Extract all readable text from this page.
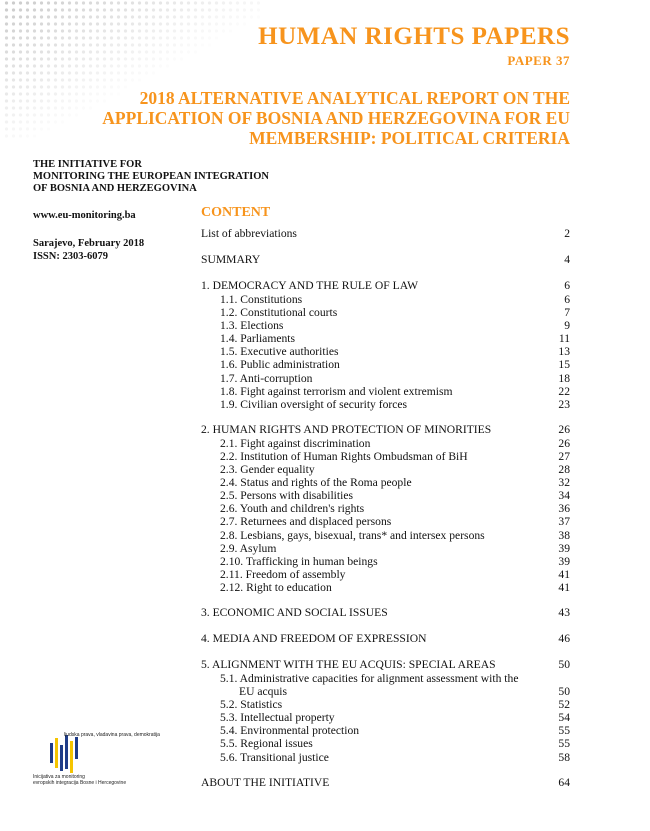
HUMAN RIGHTS PAPERS
PAPER 37
2018 ALTERNATIVE ANALYTICAL REPORT ON THE
APPLICATION OF BOSNIA AND HERZEGOVINA FOR EU
MEMBERSHIP: POLITICAL CRITERIA
THE INITIATIVE FOR
MONITORING THE EUROPEAN INTEGRATION
OF BOSNIA AND HERZEGOVINA
www.eu-monitoring.ba
Sarajevo, February 2018
ISSN: 2303-6079
CONTENT
List of abbreviations	2
SUMMARY	4
1. DEMOCRACY AND THE RULE OF LAW	6
1.1. Constitutions	6
1.2. Constitutional courts	7
1.3. Elections	9
1.4. Parliaments	11
1.5. Executive authorities	13
1.6. Public administration	15
1.7. Anti-corruption	18
1.8. Fight against terrorism and violent extremism	22
1.9. Civilian oversight of security forces	23
2. HUMAN RIGHTS AND PROTECTION OF MINORITIES	26
2.1. Fight against discrimination	26
2.2. Institution of Human Rights Ombudsman of BiH	27
2.3. Gender equality	28
2.4. Status and rights of the Roma people	32
2.5. Persons with disabilities	34
2.6. Youth and children's rights	36
2.7. Returnees and displaced persons	37
2.8. Lesbians, gays, bisexual, trans* and intersex persons	38
2.9. Asylum	39
2.10. Trafficking in human beings	39
2.11. Freedom of assembly	41
2.12. Right to education	41
3. ECONOMIC AND SOCIAL ISSUES	43
4. MEDIA AND FREEDOM OF EXPRESSION	46
5. ALIGNMENT WITH THE EU ACQUIS: SPECIAL AREAS	50
5.1. Administrative capacities for alignment assessment with the EU acquis	50
5.2. Statistics	52
5.3. Intellectual property	54
5.4. Environmental protection	55
5.5. Regional issues	55
5.6. Transitional justice	58
ABOUT THE INITIATIVE	64
ljudska prava, vladavina prava, demokratija
Inicijativa za monitoring
evropskih integracija Bosne i Hercegovine
